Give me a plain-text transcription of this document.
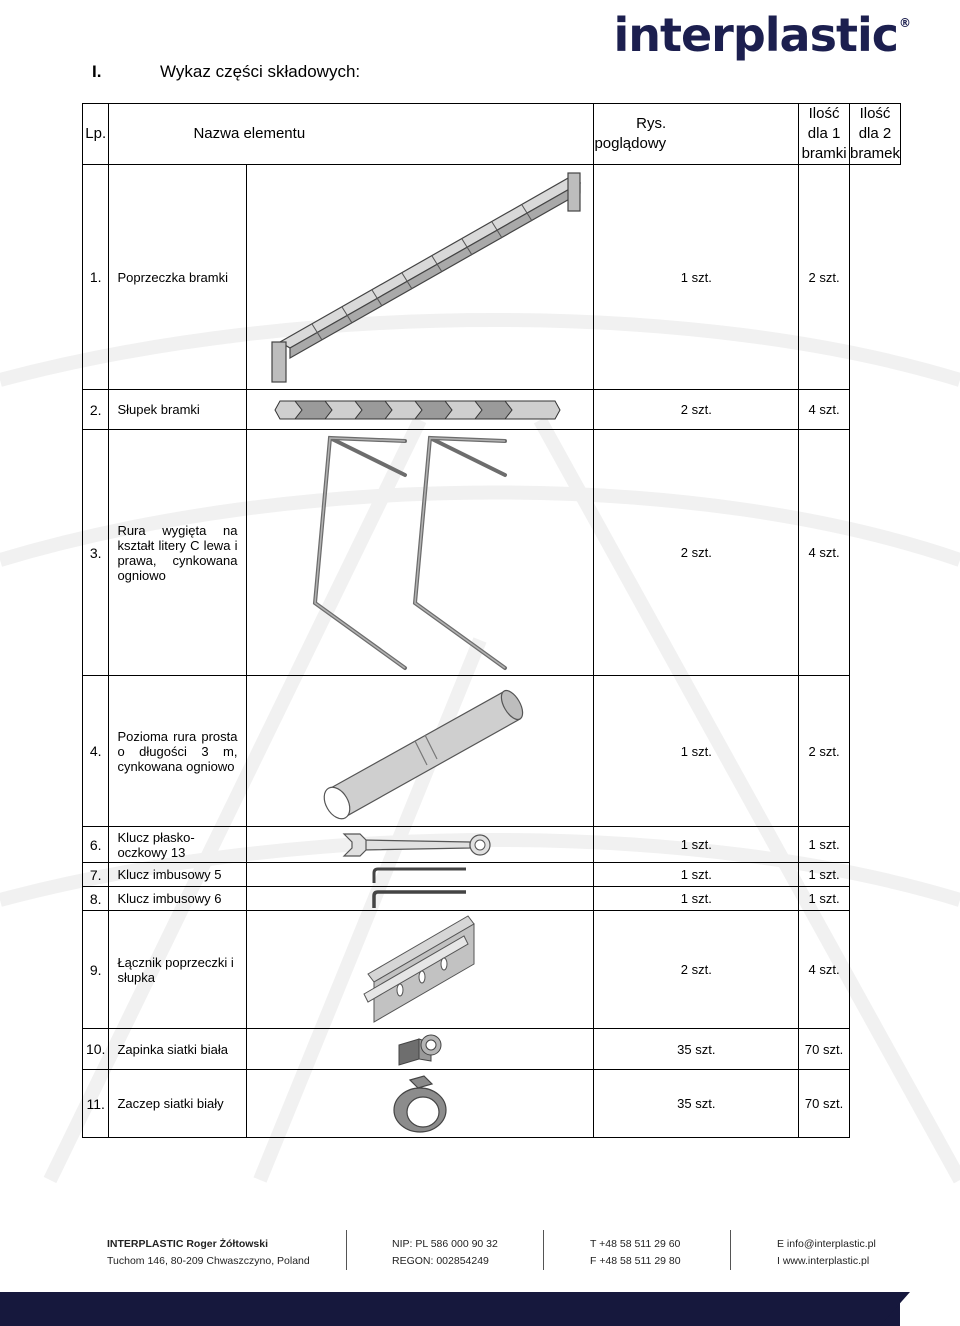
interplastic®
I.	Wykaz części składowych:
Lp.	Nazwa elementu		Rys. poglądowy	Ilość dla 1 bramki	Ilość dla 2 bramek
1.	Poprzeczka bramki		1 szt.	2 szt.	
2.	Słupek bramki		2 szt.	4 szt.	
3.	Rura wygięta na kształt litery C lewa i prawa, cynkowana ogniowo		2 szt.	4 szt.	
4.	Pozioma rura prosta o długości 3 m, cynkowana ogniowo		1 szt.	2 szt.	
6.	Klucz płasko-oczkowy 13		1 szt.	1 szt.	
7.	Klucz imbusowy 5		1 szt.	1 szt.	
8.	Klucz imbusowy 6		1 szt.	1 szt.	
9.	Łącznik poprzeczki i słupka		2 szt.	4 szt.	
10.	Zapinka siatki biała		35 szt.	70 szt.	
11.	Zaczep siatki biały		35 szt.	70 szt.	
INTERPLASTIC Roger Żółtowski
Tuchom 146, 80-209 Chwaszczyno, Poland
NIP: PL 586 000 90 32
REGON: 002854249
T +48 58 511 29 60
F +48 58 511 29 80
E info@interplastic.pl
I www.interplastic.pl
